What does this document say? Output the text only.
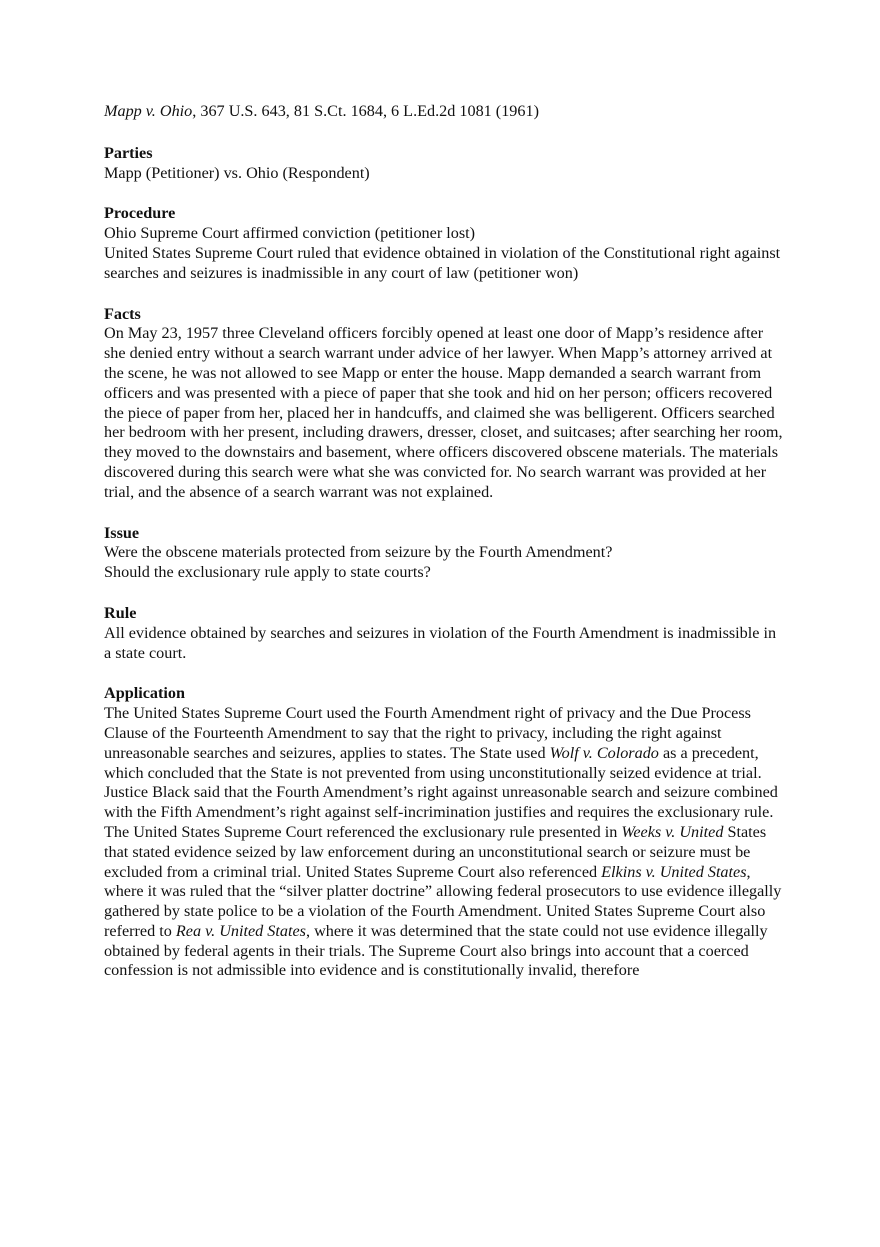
Mapp v. Ohio, 367 U.S. 643, 81 S.Ct. 1684, 6 L.Ed.2d 1081 (1961)

Parties

Mapp (Petitioner) vs. Ohio (Respondent)

Procedure

Ohio Supreme Court affirmed conviction (petitioner lost)
United States Supreme Court ruled that evidence obtained in violation of the Constitutional right against searches and seizures is inadmissible in any court of law (petitioner won)

Facts

On May 23, 1957 three Cleveland officers forcibly opened at least one door of Mapp’s residence after she denied entry without a search warrant under advice of her lawyer. When Mapp’s attorney arrived at the scene, he was not allowed to see Mapp or enter the house. Mapp demanded a search warrant from officers and was presented with a piece of paper that she took and hid on her person; officers recovered the piece of paper from her, placed her in handcuffs, and claimed she was belligerent. Officers searched her bedroom with her present, including drawers, dresser, closet, and suitcases; after searching her room, they moved to the downstairs and basement, where officers discovered obscene materials. The materials discovered during this search were what she was convicted for. No search warrant was provided at her trial, and the absence of a search warrant was not explained.

Issue

Were the obscene materials protected from seizure by the Fourth Amendment?
Should the exclusionary rule apply to state courts?

Rule

All evidence obtained by searches and seizures in violation of the Fourth Amendment is inadmissible in a state court.

Application

The United States Supreme Court used the Fourth Amendment right of privacy and the Due Process Clause of the Fourteenth Amendment to say that the right to privacy, including the right against unreasonable searches and seizures, applies to states. The State used Wolf v. Colorado as a precedent, which concluded that the State is not prevented from using unconstitutionally seized evidence at trial. Justice Black said that the Fourth Amendment’s right against unreasonable search and seizure combined with the Fifth Amendment’s right against self-incrimination justifies and requires the exclusionary rule. The United States Supreme Court referenced the exclusionary rule presented in Weeks v. United States that stated evidence seized by law enforcement during an unconstitutional search or seizure must be excluded from a criminal trial. United States Supreme Court also referenced Elkins v. United States, where it was ruled that the “silver platter doctrine” allowing federal prosecutors to use evidence illegally gathered by state police to be a violation of the Fourth Amendment. United States Supreme Court also referred to Rea v. United States, where it was determined that the state could not use evidence illegally obtained by federal agents in their trials. The Supreme Court also brings into account that a coerced confession is not admissible into evidence and is constitutionally invalid, therefore
